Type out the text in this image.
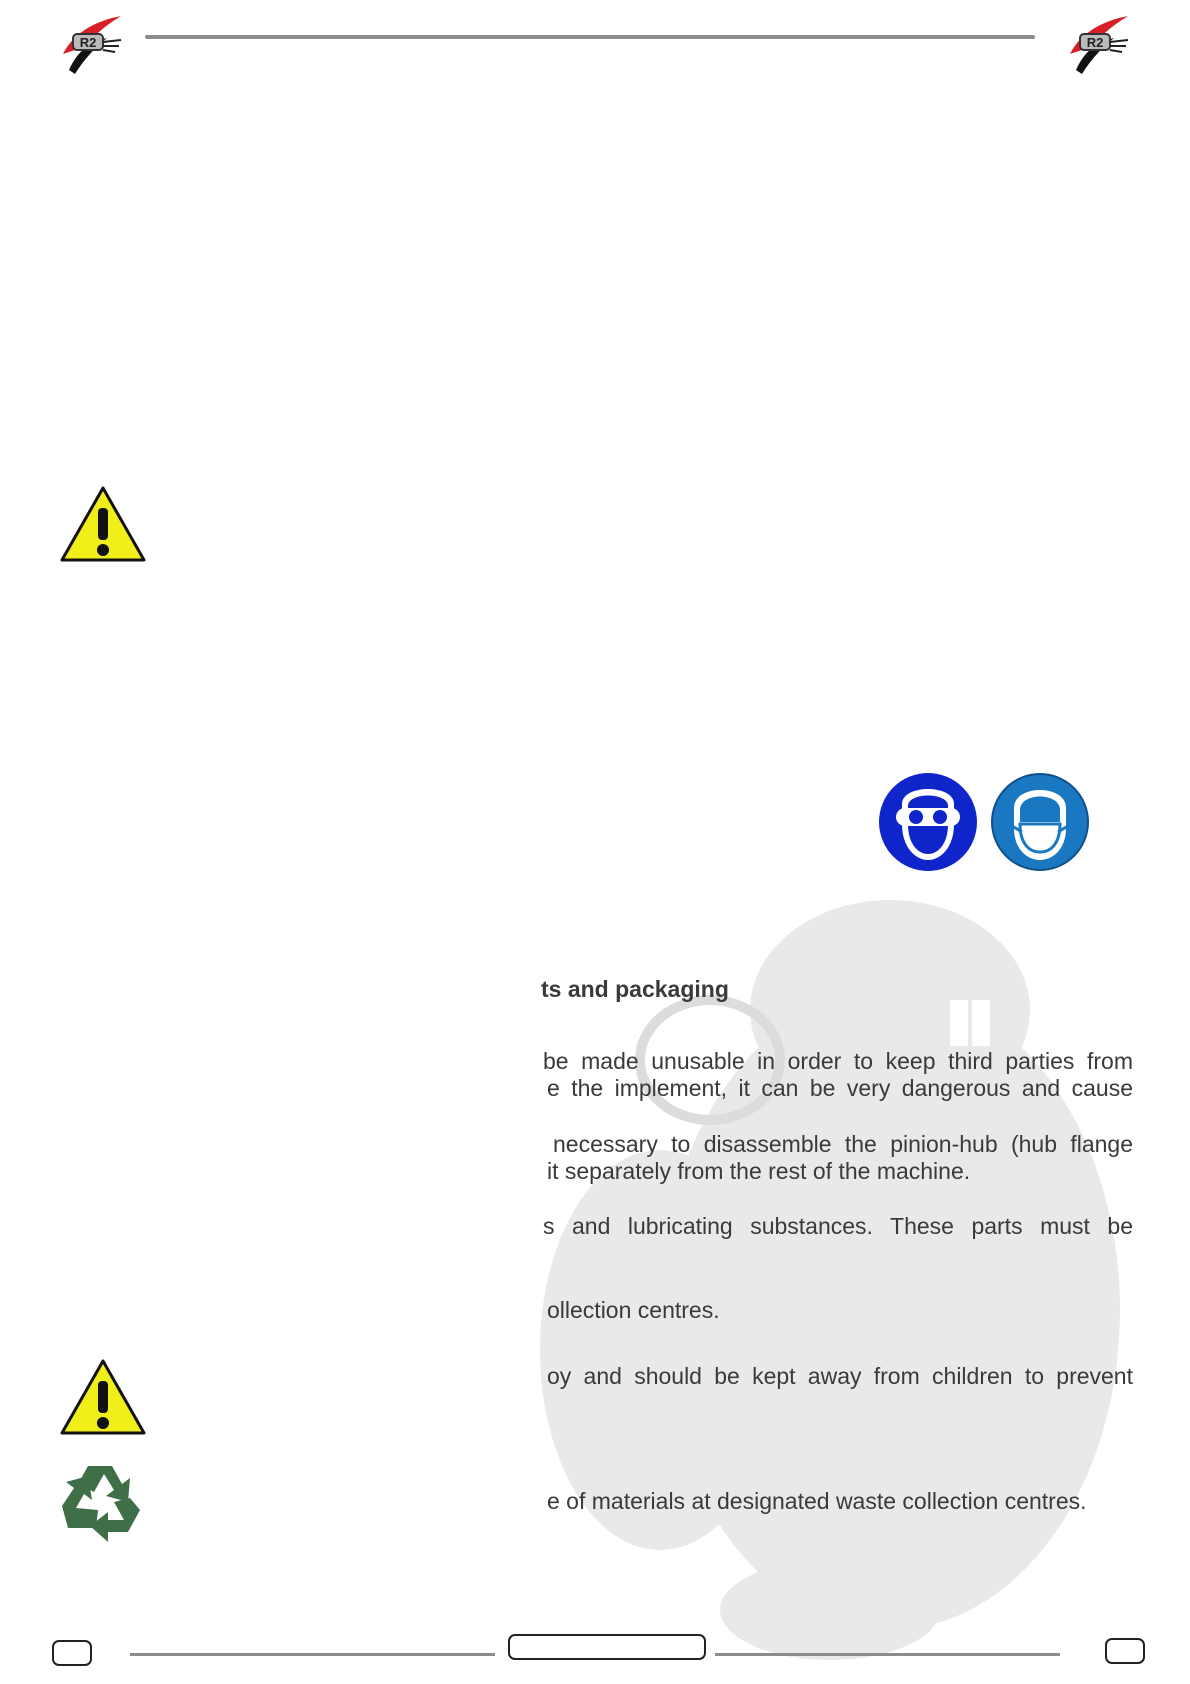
R2	R2
ts and packaging
be made unusable in order to keep third parties from
e the implement, it can be very dangerous and cause
necessary to disassemble the pinion-hub (hub flange
it separately from the rest of the machine.
s and lubricating substances. These parts must be
ollection centres.
oy and should be kept away from children to prevent
e of materials at designated waste collection centres.
